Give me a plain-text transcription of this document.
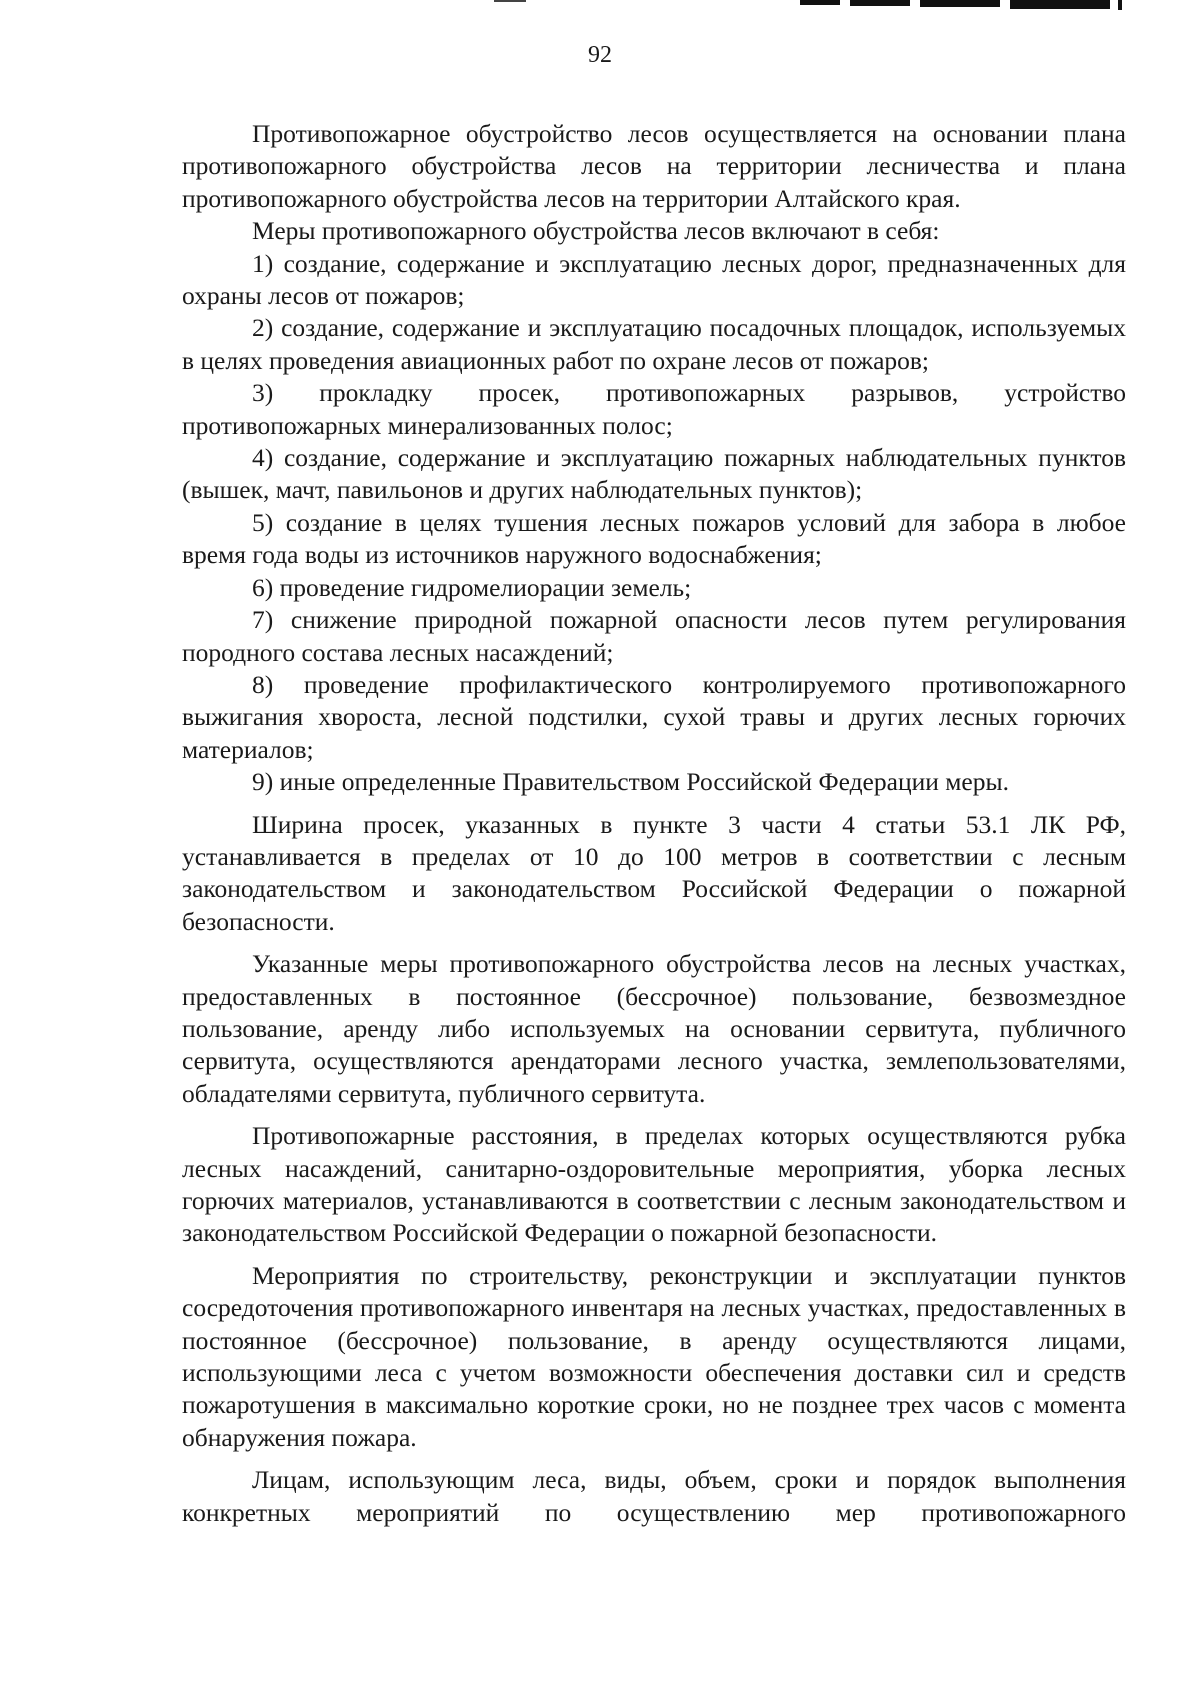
92

Противопожарное обустройство лесов осуществляется на основании плана противопожарного обустройства лесов на территории лесничества и плана противопожарного обустройства лесов на территории Алтайского края.

Меры противопожарного обустройства лесов включают в себя:

1) создание, содержание и эксплуатацию лесных дорог, предназначенных для охраны лесов от пожаров;

2) создание, содержание и эксплуатацию посадочных площадок, используемых в целях проведения авиационных работ по охране лесов от пожаров;

3) прокладку просек, противопожарных разрывов, устройство противопожарных минерализованных полос;

4) создание, содержание и эксплуатацию пожарных наблюдательных пунктов (вышек, мачт, павильонов и других наблюдательных пунктов);

5) создание в целях тушения лесных пожаров условий для забора в любое время года воды из источников наружного водоснабжения;

6) проведение гидромелиорации земель;

7) снижение природной пожарной опасности лесов путем регулирования породного состава лесных насаждений;

8) проведение профилактического контролируемого противопожарного выжигания хвороста, лесной подстилки, сухой травы и других лесных горючих материалов;

9) иные определенные Правительством Российской Федерации меры.

Ширина просек, указанных в пункте 3 части 4 статьи 53.1 ЛК РФ, устанавливается в пределах от 10 до 100 метров в соответствии с лесным законодательством и законодательством Российской Федерации о пожарной безопасности.

Указанные меры противопожарного обустройства лесов на лесных участках, предоставленных в постоянное (бессрочное) пользование, безвозмездное пользование, аренду либо используемых на основании сервитута, публичного сервитута, осуществляются арендаторами лесного участка, землепользователями, обладателями сервитута, публичного сервитута.

Противопожарные расстояния, в пределах которых осуществляются рубка лесных насаждений, санитарно-оздоровительные мероприятия, уборка лесных горючих материалов, устанавливаются в соответствии с лесным законодательством и законодательством Российской Федерации о пожарной безопасности.

Мероприятия по строительству, реконструкции и эксплуатации пунктов сосредоточения противопожарного инвентаря на лесных участках, предоставленных в постоянное (бессрочное) пользование, в аренду осуществляются лицами, использующими леса с учетом возможности обеспечения доставки сил и средств пожаротушения в максимально короткие сроки, но не позднее трех часов с момента обнаружения пожара.

Лицам, использующим леса, виды, объем, сроки и порядок выполнения конкретных мероприятий по осуществлению мер противопожарного
